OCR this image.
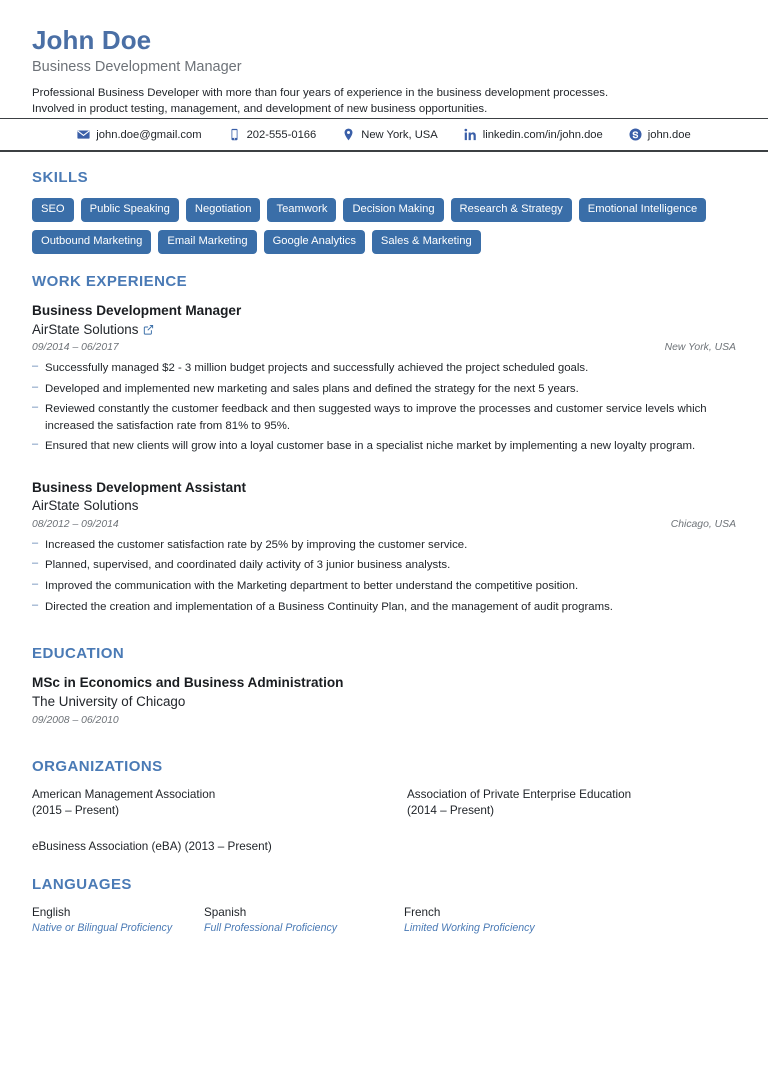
John Doe
Business Development Manager
Professional Business Developer with more than four years of experience in the business development processes.
Involved in product testing, management, and development of new business opportunities.
john.doe@gmail.com	202-555-0166	New York, USA	linkedin.com/in/john.doe	john.doe
SKILLS
SEO	Public Speaking	Negotiation	Teamwork	Decision Making	Research & Strategy	Emotional Intelligence
Outbound Marketing	Email Marketing	Google Analytics	Sales & Marketing
WORK EXPERIENCE
Business Development Manager
AirState Solutions
09/2014 – 06/2017	New York, USA
– Successfully managed $2 - 3 million budget projects and successfully achieved the project scheduled goals.
– Developed and implemented new marketing and sales plans and defined the strategy for the next 5 years.
– Reviewed constantly the customer feedback and then suggested ways to improve the processes and customer service levels which increased the satisfaction rate from 81% to 95%.
– Ensured that new clients will grow into a loyal customer base in a specialist niche market by implementing a new loyalty program.
Business Development Assistant
AirState Solutions
08/2012 – 09/2014	Chicago, USA
– Increased the customer satisfaction rate by 25% by improving the customer service.
– Planned, supervised, and coordinated daily activity of 3 junior business analysts.
– Improved the communication with the Marketing department to better understand the competitive position.
– Directed the creation and implementation of a Business Continuity Plan, and the management of audit programs.
EDUCATION
MSc in Economics and Business Administration
The University of Chicago
09/2008 – 06/2010
ORGANIZATIONS
American Management Association
(2015 – Present)
Association of Private Enterprise Education
(2014 – Present)
eBusiness Association (eBA) (2013 – Present)
LANGUAGES
English
Native or Bilingual Proficiency
Spanish
Full Professional Proficiency
French
Limited Working Proficiency
